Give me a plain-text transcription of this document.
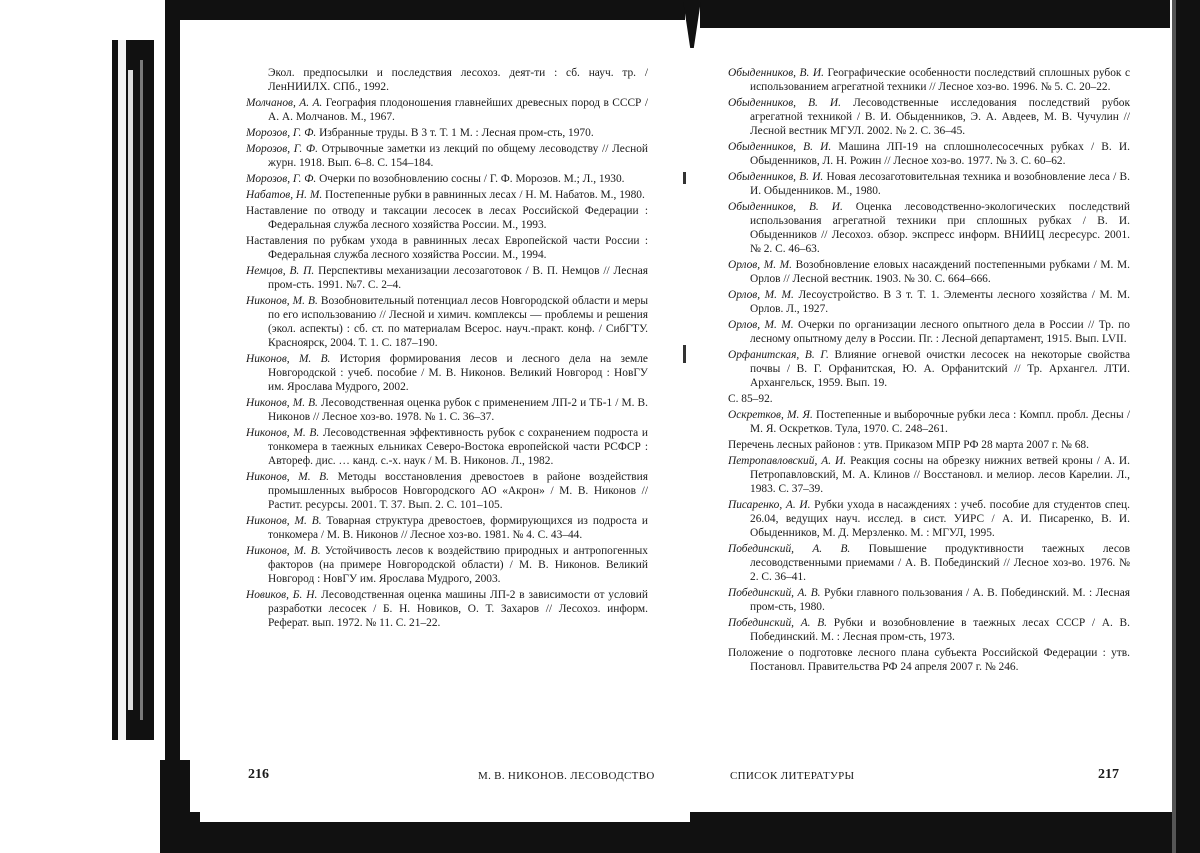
Экол. предпосылки и последствия лесохоз. деят-ти : сб. науч. тр. / ЛенНИИЛХ. СПб., 1992.
Молчанов, А. А. География плодоношения главнейших древесных пород в СССР / А. А. Молчанов. М., 1967.
Морозов, Г. Ф. Избранные труды. В 3 т. Т. 1 М. : Лесная пром-сть, 1970.
Морозов, Г. Ф. Отрывочные заметки из лекций по общему лесоводству // Лесной журн. 1918. Вып. 6–8. С. 154–184.
Морозов, Г. Ф. Очерки по возобновлению сосны / Г. Ф. Морозов. М.; Л., 1930.
Набатов, Н. М. Постепенные рубки в равнинных лесах / Н. М. Набатов. М., 1980.
Наставление по отводу и таксации лесосек в лесах Российской Федерации : Федеральная служба лесного хозяйства России. М., 1993.
Наставления по рубкам ухода в равнинных лесах Европейской части России : Федеральная служба лесного хозяйства России. М., 1994.
Немцов, В. П. Перспективы механизации лесозаготовок / В. П. Немцов // Лесная пром-сть. 1991. №7. С. 2–4.
Никонов, М. В. Возобновительный потенциал лесов Новгородской области и меры по его использованию // Лесной и химич. комплексы — проблемы и решения (экол. аспекты) : сб. ст. по материалам Всерос. науч.-практ. конф. / СибГТУ. Красноярск, 2004. Т. 1. С. 187–190.
Никонов, М. В. История формирования лесов и лесного дела на земле Новгородской : учеб. пособие / М. В. Никонов. Великий Новгород : НовГУ им. Ярослава Мудрого, 2002.
Никонов, М. В. Лесоводственная оценка рубок с применением ЛП-2 и ТБ-1 / М. В. Никонов // Лесное хоз-во. 1978. № 1. С. 36–37.
Никонов, М. В. Лесоводственная эффективность рубок с сохранением подроста и тонкомера в таежных ельниках Северо-Востока европейской части РСФСР : Автореф. дис. … канд. с.-х. наук / М. В. Никонов. Л., 1982.
Никонов, М. В. Методы восстановления древостоев в районе воздействия промышленных выбросов Новгородского АО «Акрон» / М. В. Никонов // Растит. ресурсы. 2001. Т. 37. Вып. 2. С. 101–105.
Никонов, М. В. Товарная структура древостоев, формирующихся из подроста и тонкомера / М. В. Никонов // Лесное хоз-во. 1981. № 4. С. 43–44.
Никонов, М. В. Устойчивость лесов к воздействию природных и антропогенных факторов (на примере Новгородской области) / М. В. Никонов. Великий Новгород : НовГУ им. Ярослава Мудрого, 2003.
Новиков, Б. Н. Лесоводственная оценка машины ЛП-2 в зависимости от условий разработки лесосек / Б. Н. Новиков, О. Т. Захаров // Лесохоз. информ. Реферат. вып. 1972. № 11. С. 21–22.
Обыденников, В. И. Географические особенности последствий сплошных рубок с использованием агрегатной техники // Лесное хоз-во. 1996. № 5. С. 20–22.
Обыденников, В. И. Лесоводственные исследования последствий рубок агрегатной техникой / В. И. Обыденников, Э. А. Авдеев, М. В. Чучулин // Лесной вестник МГУЛ. 2002. № 2. С. 36–45.
Обыденников, В. И. Машина ЛП-19 на сплошнолесосечных рубках / В. И. Обыденников, Л. Н. Рожин // Лесное хоз-во. 1977. № 3. С. 60–62.
Обыденников, В. И. Новая лесозаготовительная техника и возобновление леса / В. И. Обыденников. М., 1980.
Обыденников, В. И. Оценка лесоводственно-экологических последствий использования агрегатной техники при сплошных рубках / В. И. Обыденников // Лесохоз. обзор. экспресс информ. ВНИИЦ лесресурс. 2001. № 2. С. 46–63.
Орлов, М. М. Возобновление еловых насаждений постепенными рубками / М. М. Орлов // Лесной вестник. 1903. № 30. С. 664–666.
Орлов, М. М. Лесоустройство. В 3 т. Т. 1. Элементы лесного хозяйства / М. М. Орлов. Л., 1927.
Орлов, М. М. Очерки по организации лесного опытного дела в России // Тр. по лесному опытному делу в России. Пг. : Лесной департамент, 1915. Вып. LVII.
Орфанитская, В. Г. Влияние огневой очистки лесосек на некоторые свойства почвы / В. Г. Орфанитская, Ю. А. Орфанитский // Тр. Архангел. ЛТИ. Архангельск, 1959. Вып. 19.
С. 85–92.
Оскретков, М. Я. Постепенные и выборочные рубки леса : Компл. пробл. Десны / М. Я. Оскретков. Тула, 1970. С. 248–261.
Перечень лесных районов : утв. Приказом МПР РФ 28 марта 2007 г. № 68.
Петропавловский, А. И. Реакция сосны на обрезку нижних ветвей кроны / А. И. Петропавловский, М. А. Клинов // Восстановл. и мелиор. лесов Карелии. Л., 1983. С. 37–39.
Писаренко, А. И. Рубки ухода в насаждениях : учеб. пособие для студентов спец. 26.04, ведущих науч. исслед. в сист. УИРС / А. И. Писаренко, В. И. Обыденников, М. Д. Мерзленко. М. : МГУЛ, 1995.
Побединский, А. В. Повышение продуктивности таежных лесов лесоводственными приемами / А. В. Побединский // Лесное хоз-во. 1976. № 2. С. 36–41.
Побединский, А. В. Рубки главного пользования / А. В. Побединский. М. : Лесная пром-сть, 1980.
Побединский, А. В. Рубки и возобновление в таежных лесах СССР / А. В. Побединский. М. : Лесная пром-сть, 1973.
Положение о подготовке лесного плана субъекта Российской Федерации : утв. Постановл. Правительства РФ 24 апреля 2007 г. № 246.
216	М. В. НИКОНОВ. ЛЕСОВОДСТВО	СПИСОК ЛИТЕРАТУРЫ	217
